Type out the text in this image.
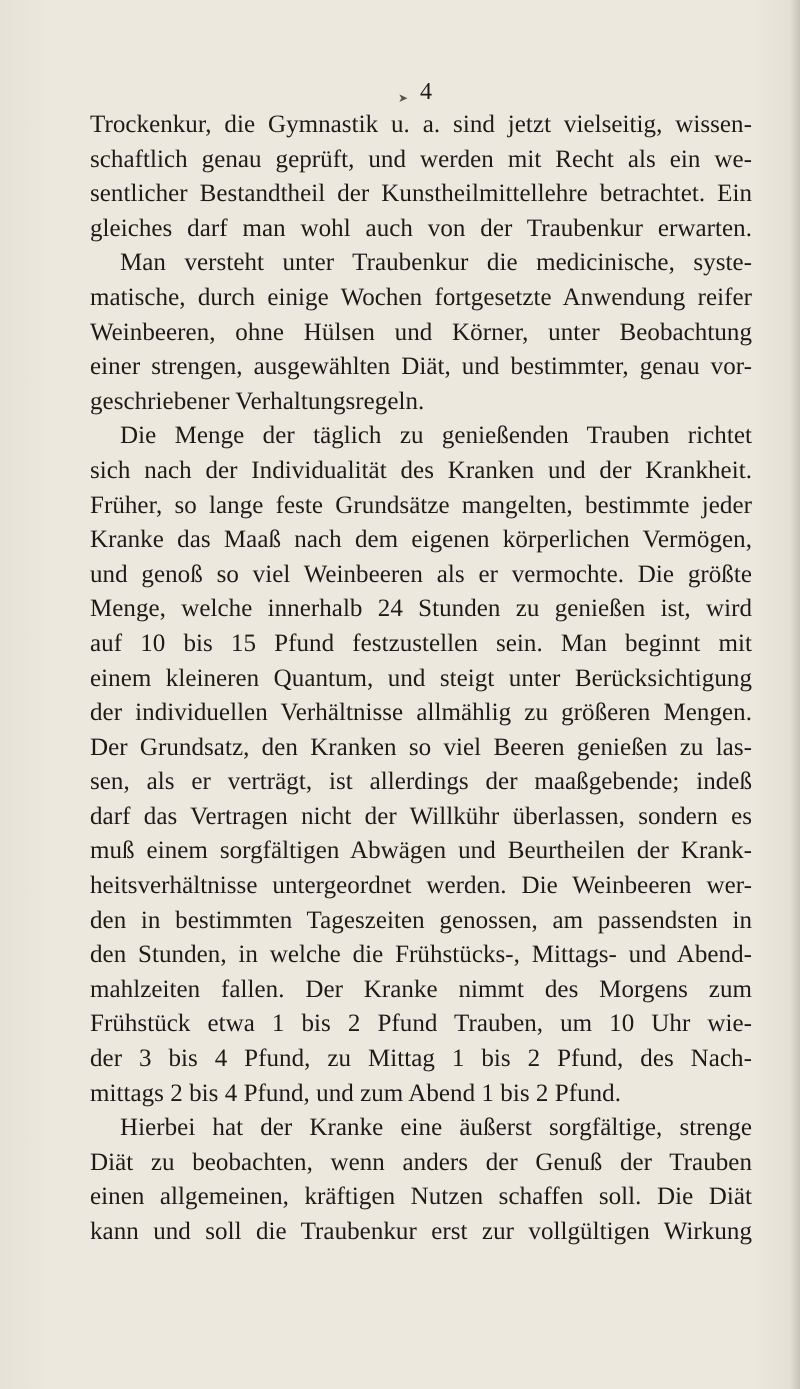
➤ 4
Trockenkur, die Gymnastik u. a. sind jetzt vielseitig, wissen-
schaftlich genau geprüft, und werden mit Recht als ein we-
sentlicher Bestandtheil der Kunstheilmittellehre betrachtet. Ein
gleiches darf man wohl auch von der Traubenkur erwarten.
Man versteht unter Traubenkur die medicinische, syste-
matische, durch einige Wochen fortgesetzte Anwendung reifer
Weinbeeren, ohne Hülsen und Körner, unter Beobachtung
einer strengen, ausgewählten Diät, und bestimmter, genau vor-
geschriebener Verhaltungsregeln.
Die Menge der täglich zu genießenden Trauben richtet
sich nach der Individualität des Kranken und der Krankheit.
Früher, so lange feste Grundsätze mangelten, bestimmte jeder
Kranke das Maaß nach dem eigenen körperlichen Vermögen,
und genoß so viel Weinbeeren als er vermochte. Die größte
Menge, welche innerhalb 24 Stunden zu genießen ist, wird
auf 10 bis 15 Pfund festzustellen sein. Man beginnt mit
einem kleineren Quantum, und steigt unter Berücksichtigung
der individuellen Verhältnisse allmählig zu größeren Mengen.
Der Grundsatz, den Kranken so viel Beeren genießen zu las-
sen, als er verträgt, ist allerdings der maaßgebende; indeß
darf das Vertragen nicht der Willkühr überlassen, sondern es
muß einem sorgfältigen Abwägen und Beurtheilen der Krank-
heitsverhältnisse untergeordnet werden. Die Weinbeeren wer-
den in bestimmten Tageszeiten genossen, am passendsten in
den Stunden, in welche die Frühstücks-, Mittags- und Abend-
mahlzeiten fallen. Der Kranke nimmt des Morgens zum
Frühstück etwa 1 bis 2 Pfund Trauben, um 10 Uhr wie-
der 3 bis 4 Pfund, zu Mittag 1 bis 2 Pfund, des Nach-
mittags 2 bis 4 Pfund, und zum Abend 1 bis 2 Pfund.
Hierbei hat der Kranke eine äußerst sorgfältige, strenge
Diät zu beobachten, wenn anders der Genuß der Trauben
einen allgemeinen, kräftigen Nutzen schaffen soll. Die Diät
kann und soll die Traubenkur erst zur vollgültigen Wirkung
